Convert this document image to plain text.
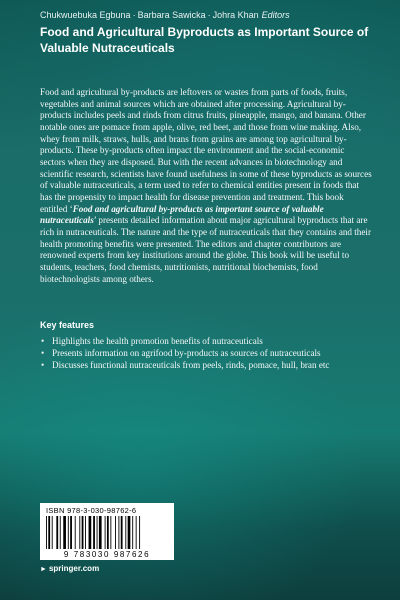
Chukwuebuka Egbuna · Barbara Sawicka · Johra Khan Editors
Food and Agricultural Byproducts as Important Source of Valuable Nutraceuticals

Food and agricultural by-products are leftovers or wastes from parts of foods, fruits, vegetables and animal sources which are obtained after processing. Agricultural by-products includes peels and rinds from citrus fruits, pineapple, mango, and banana. Other notable ones are pomace from apple, olive, red beet, and those from wine making. Also, whey from milk, straws, hulls, and brans from grains are among top agricultural by-products. These by-products often impact the environment and the social-economic sectors when they are disposed. But with the recent advances in biotechnology and scientific research, scientists have found usefulness in some of these byproducts as sources of valuable nutraceuticals, a term used to refer to chemical entities present in foods that has the propensity to impact health for disease prevention and treatment. This book entitled ‘Food and agricultural by-products as important source of valuable nutraceuticals’ presents detailed information about major agricultural byproducts that are rich in nutraceuticals. The nature and the type of nutraceuticals that they contains and their health promoting benefits were presented. The editors and chapter contributors are renowned experts from key institutions around the globe. This book will be useful to students, teachers, food chemists, nutritionists, nutritional biochemists, food biotechnologists among others.

Key features
• Highlights the health promotion benefits of nutraceuticals
• Presents information on agrifood by-products as sources of nutraceuticals
• Discusses functional nutraceuticals from peels, rinds, pomace, hull, bran etc
ISBN 978-3-030-98762-6
9 783030 987626
► springer.com
